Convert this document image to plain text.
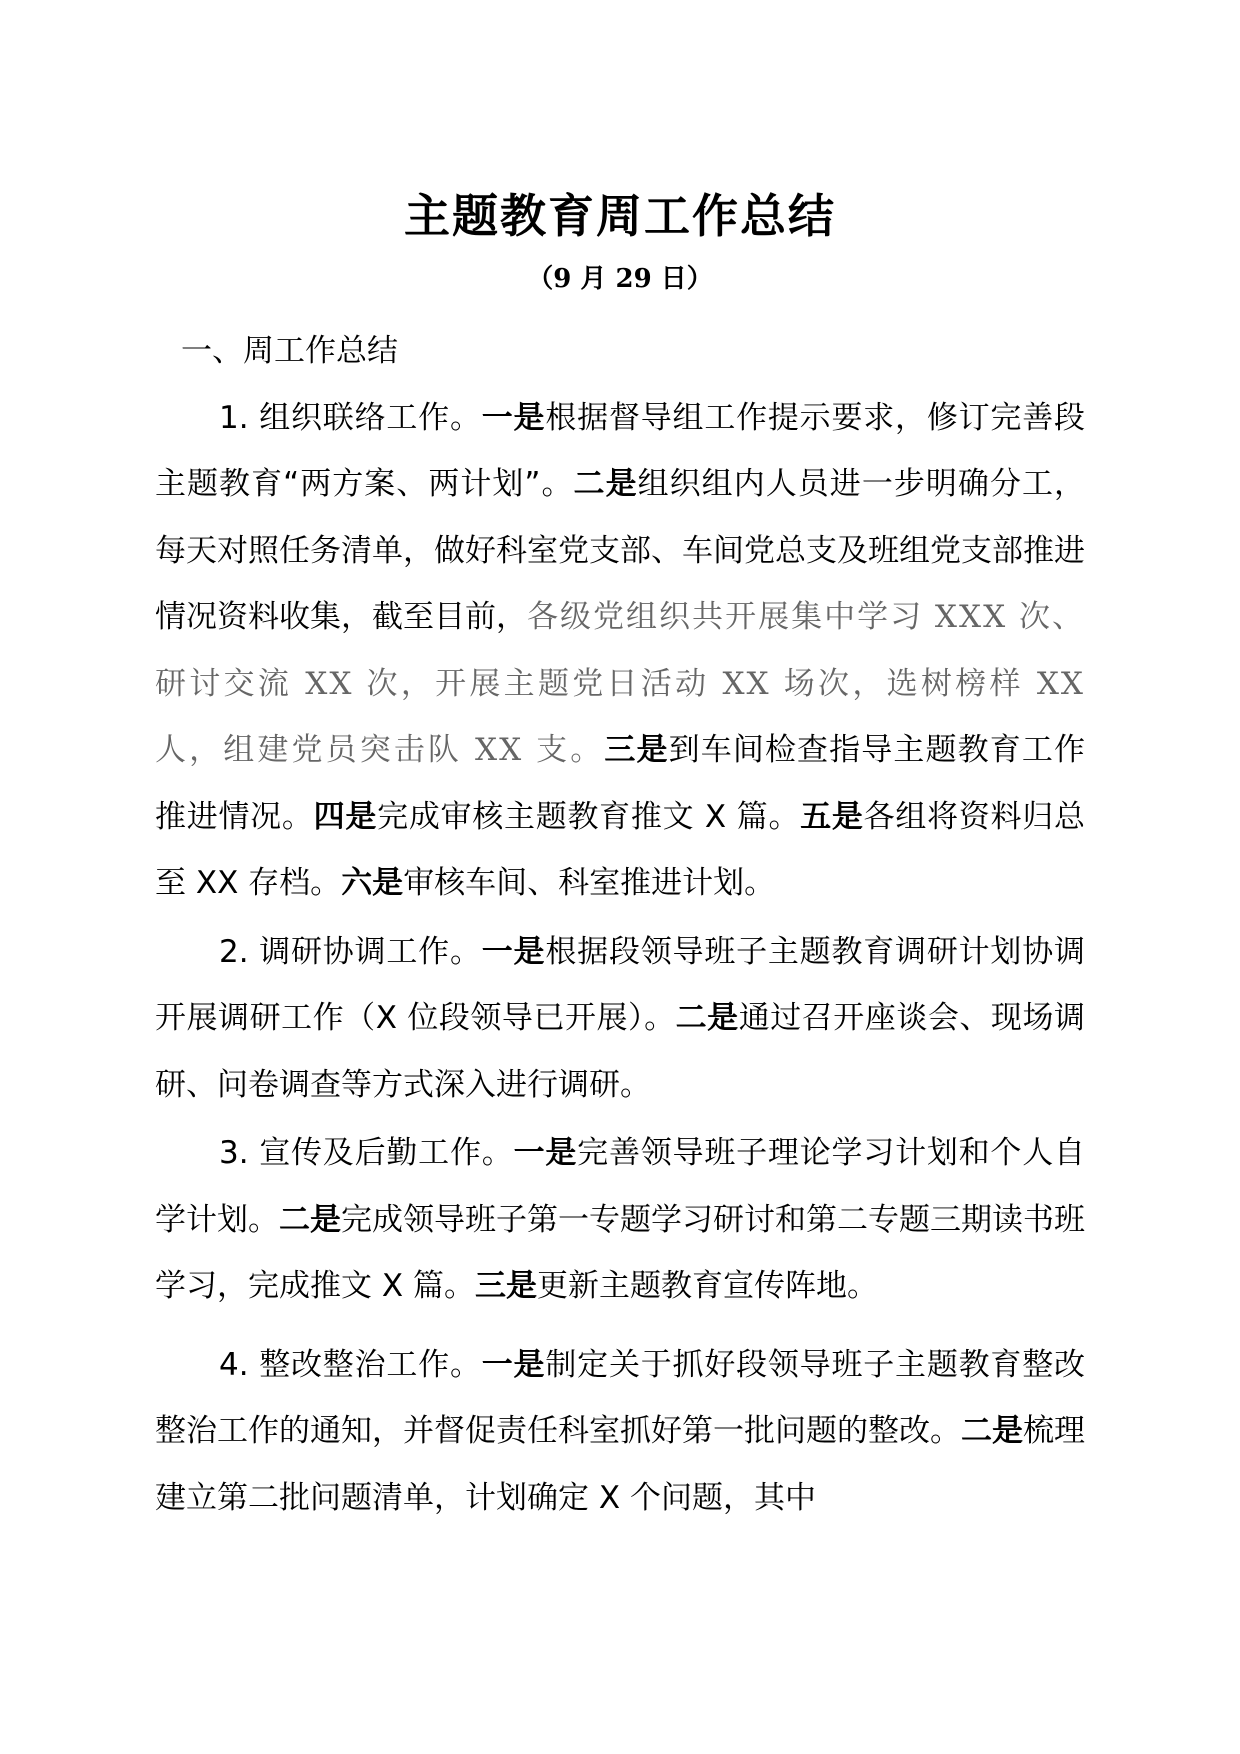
主题教育周工作总结

（9 月 29 日）

一、周工作总结

1. 组织联络工作。一是根据督导组工作提示要求，修订完善段主题教育“两方案、两计划”。二是组织组内人员进一步明确分工，每天对照任务清单，做好科室党支部、车间党总支及班组党支部推进情况资料收集，截至目前，各级党组织共开展集中学习 XXX 次、研讨交流 XX 次，开展主题党日活动 XX 场次，选树榜样 XX 人，组建党员突击队 XX 支。三是到车间检查指导主题教育工作推进情况。四是完成审核主题教育推文 X 篇。五是各组将资料归总至 XX 存档。六是审核车间、科室推进计划。

2. 调研协调工作。一是根据段领导班子主题教育调研计划协调开展调研工作（X 位段领导已开展）。二是通过召开座谈会、现场调研、问卷调查等方式深入进行调研。

3. 宣传及后勤工作。一是完善领导班子理论学习计划和个人自学计划。二是完成领导班子第一专题学习研讨和第二专题三期读书班学习，完成推文 X 篇。三是更新主题教育宣传阵地。

4. 整改整治工作。一是制定关于抓好段领导班子主题教育整改整治工作的通知，并督促责任科室抓好第一批问题的整改。二是梳理建立第二批问题清单，计划确定 X 个问题，其中
